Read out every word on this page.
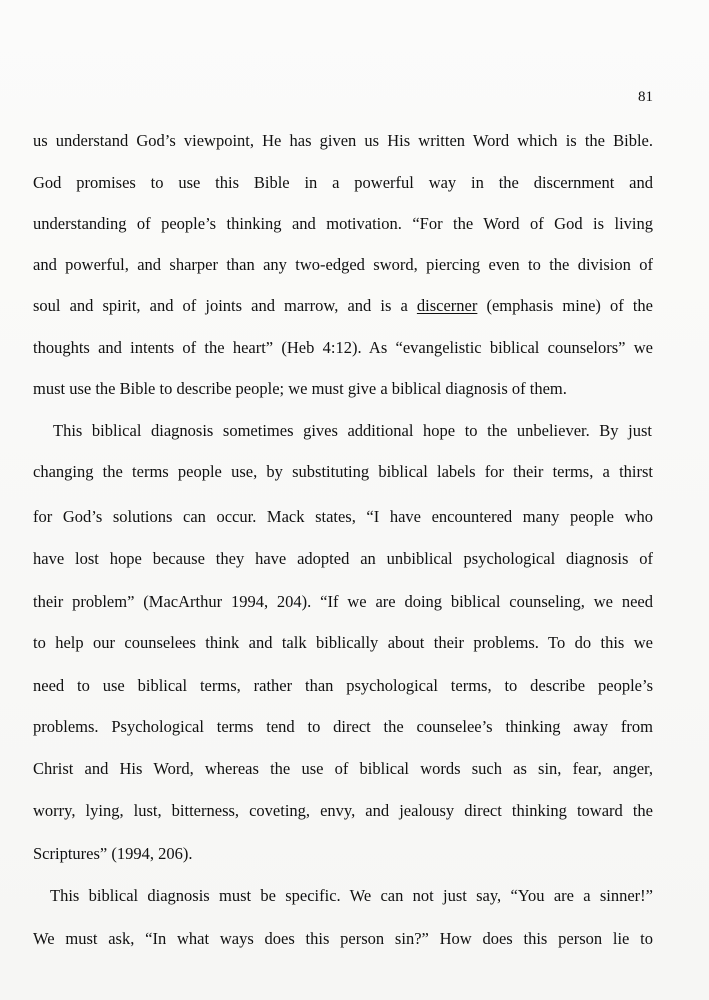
81
us understand God’s viewpoint, He has given us His written Word which is the Bible.
God promises to use this Bible in a powerful way in the discernment and
understanding of people’s thinking and motivation. “For the Word of God is living
and powerful, and sharper than any two-edged sword, piercing even to the division of
soul and spirit, and of joints and marrow, and is a discerner (emphasis mine) of the
thoughts and intents of the heart” (Heb 4:12). As “evangelistic biblical counselors” we
must use the Bible to describe people; we must give a biblical diagnosis of them.
This biblical diagnosis sometimes gives additional hope to the unbeliever. By just
changing the terms people use, by substituting biblical labels for their terms, a thirst
for God’s solutions can occur. Mack states, “I have encountered many people who
have lost hope because they have adopted an unbiblical psychological diagnosis of
their problem” (MacArthur 1994, 204). “If we are doing biblical counseling, we need
to help our counselees think and talk biblically about their problems. To do this we
need to use biblical terms, rather than psychological terms, to describe people’s
problems. Psychological terms tend to direct the counselee’s thinking away from
Christ and His Word, whereas the use of biblical words such as sin, fear, anger,
worry, lying, lust, bitterness, coveting, envy, and jealousy direct thinking toward the
Scriptures” (1994, 206).
This biblical diagnosis must be specific. We can not just say, “You are a sinner!”
We must ask, “In what ways does this person sin?” How does this person lie to
